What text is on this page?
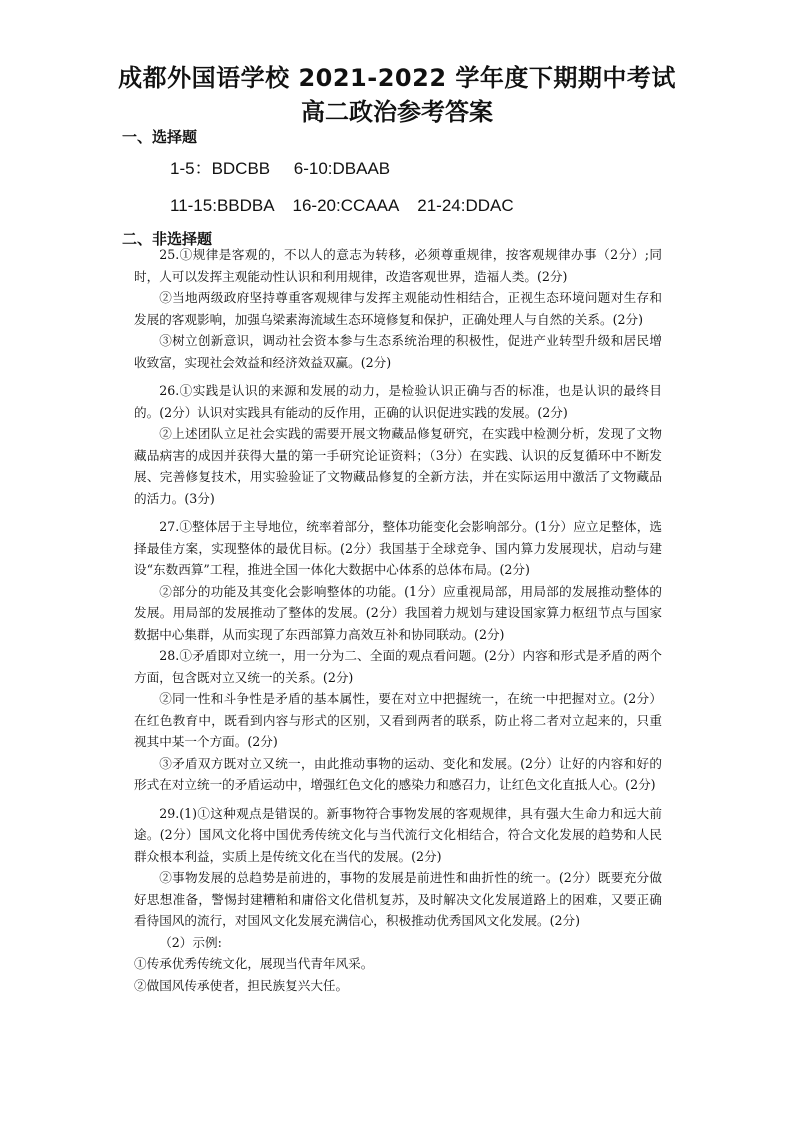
成都外国语学校 2021-2022 学年度下期期中考试
高二政治参考答案
一、选择题
1-5：BDCBB     6-10:DBAAB
11-15:BBDBA    16-20:CCAAA    21-24:DDAC
二、非选择题

25.①规律是客观的，不以人的意志为转移，必须尊重规律，按客观规律办事（2分）;同时，人可以发挥主观能动性认识和利用规律，改造客观世界，造福人类。(2分)

②当地两级政府坚持尊重客观规律与发挥主观能动性相结合，正视生态环境问题对生存和发展的客观影响，加强乌梁素海流域生态环境修复和保护，正确处理人与自然的关系。(2分)

③树立创新意识，调动社会资本参与生态系统治理的积极性，促进产业转型升级和居民增收致富，实现社会效益和经济效益双赢。(2分)

26.①实践是认识的来源和发展的动力，是检验认识正确与否的标准，也是认识的最终目的。(2分）认识对实践具有能动的反作用，正确的认识促进实践的发展。(2分)

②上述团队立足社会实践的需要开展文物藏品修复研究，在实践中检测分析，发现了文物藏品病害的成因并获得大量的第一手研究论证资料；（3分）在实践、认识的反复循环中不断发展、完善修复技术，用实验验证了文物藏品修复的全新方法，并在实际运用中激活了文物藏品的活力。(3分)

27.①整体居于主导地位，统率着部分，整体功能变化会影响部分。(1分）应立足整体，选择最佳方案，实现整体的最优目标。(2分）我国基于全球竞争、国内算力发展现状，启动与建设“东数西算”工程，推进全国一体化大数据中心体系的总体布局。(2分)

②部分的功能及其变化会影响整体的功能。(1分）应重视局部，用局部的发展推动整体的发展。用局部的发展推动了整体的发展。(2分）我国着力规划与建设国家算力枢纽节点与国家数据中心集群，从而实现了东西部算力高效互补和协同联动。(2分)

28.①矛盾即对立统一，用一分为二、全面的观点看问题。(2分）内容和形式是矛盾的两个方面，包含既对立又统一的关系。(2分)

②同一性和斗争性是矛盾的基本属性，要在对立中把握统一，在统一中把握对立。(2分）在红色教育中，既看到内容与形式的区别，又看到两者的联系，防止将二者对立起来的，只重视其中某一个方面。(2分)

③矛盾双方既对立又统一，由此推动事物的运动、变化和发展。(2分）让好的内容和好的形式在对立统一的矛盾运动中，增强红色文化的感染力和感召力，让红色文化直抵人心。(2分)

29.(1)①这种观点是错误的。新事物符合事物发展的客观规律，具有强大生命力和远大前途。(2分）国风文化将中国优秀传统文化与当代流行文化相结合，符合文化发展的趋势和人民群众根本利益，实质上是传统文化在当代的发展。(2分)

②事物发展的总趋势是前进的，事物的发展是前进性和曲折性的统一。(2分）既要充分做好思想准备，警惕封建糟粕和庸俗文化借机复苏，及时解决文化发展道路上的困难，又要正确看待国风的流行，对国风文化发展充满信心，积极推动优秀国风文化发展。(2分)

（2）示例:

①传承优秀传统文化，展现当代青年风采。

②做国风传承使者，担民族复兴大任。
